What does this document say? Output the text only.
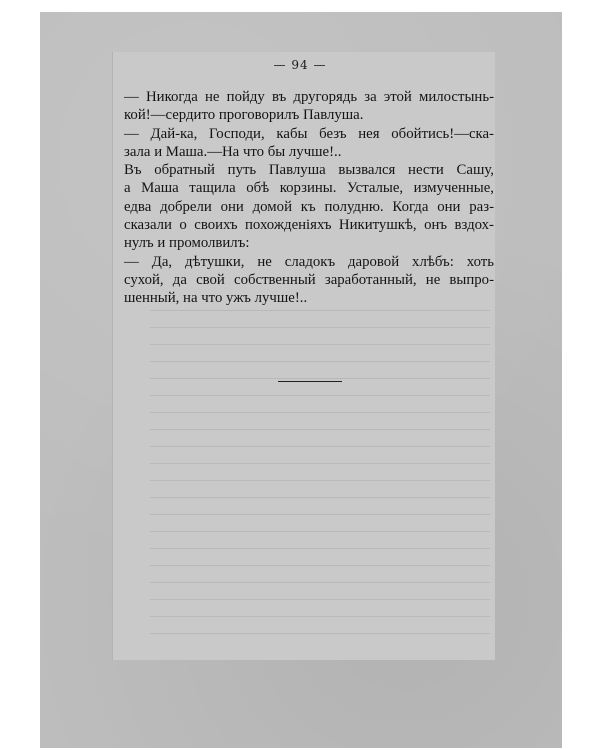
— 94 —
— Никогда не пойду въ другорядь за этой милостынь-
кой!—сердито проговорилъ Павлуша.
— Дай-ка, Господи, кабы безъ нея обойтись!—ска-
зала и Маша.—На что бы лучше!..
Въ обратный путь Павлуша вызвался нести Сашу,
а Маша тащила обѣ корзины. Усталые, измученные,
едва добрели они домой къ полудню. Когда они раз-
сказали о своихъ похожденіяхъ Никитушкѣ, онъ вздох-
нулъ и промолвилъ:
— Да, дѣтушки, не сладокъ даровой хлѣбъ: хоть
сухой, да свой собственный заработанный, не выпро-
шенный, на что ужъ лучше!..
